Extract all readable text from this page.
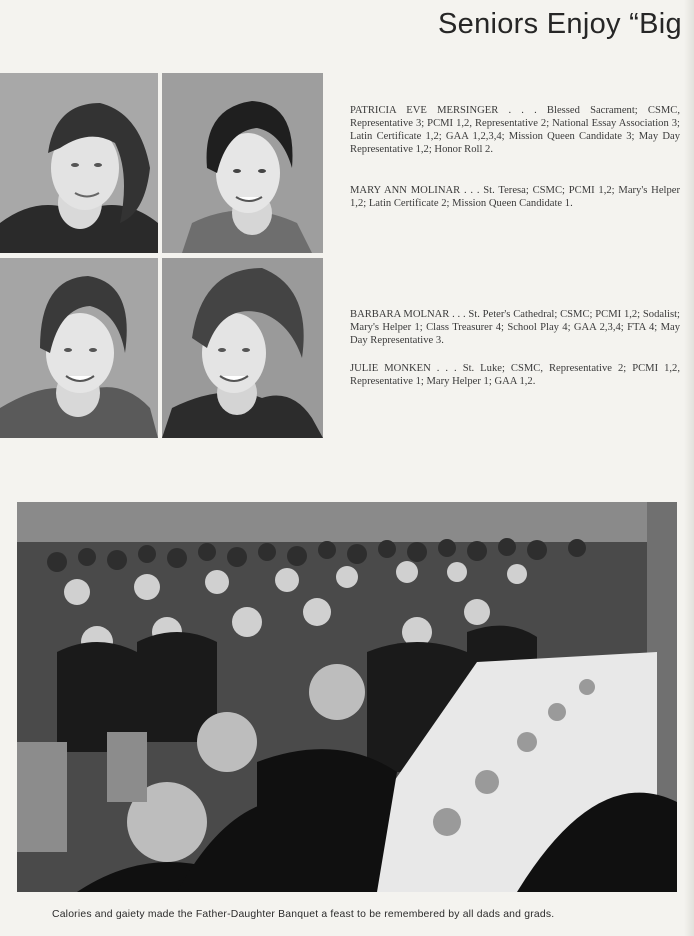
Seniors Enjoy “Big

PATRICIA EVE MERSINGER . . . Blessed Sacrament; CSMC, Representative 3; PCMI 1,2, Representative 2; National Essay Association 3; Latin Certificate 1,2; GAA 1,2,3,4; Mission Queen Candidate 3; May Day Representative 1,2; Honor Roll 2.

MARY ANN MOLINAR . . . St. Teresa; CSMC; PCMI 1,2; Mary's Helper 1,2; Latin Certificate 2; Mission Queen Candidate 1.

BARBARA MOLNAR . . . St. Peter's Cathedral; CSMC; PCMI 1,2; Sodalist; Mary's Helper 1; Class Treasurer 4; School Play 4; GAA 2,3,4; FTA 4; May Day Representative 3.

JULIE MONKEN . . . St. Luke; CSMC, Representative 2; PCMI 1,2, Representative 1; Mary Helper 1; GAA 1,2.

Calories and gaiety made the Father-Daughter Banquet a feast to be remembered by all dads and grads.
